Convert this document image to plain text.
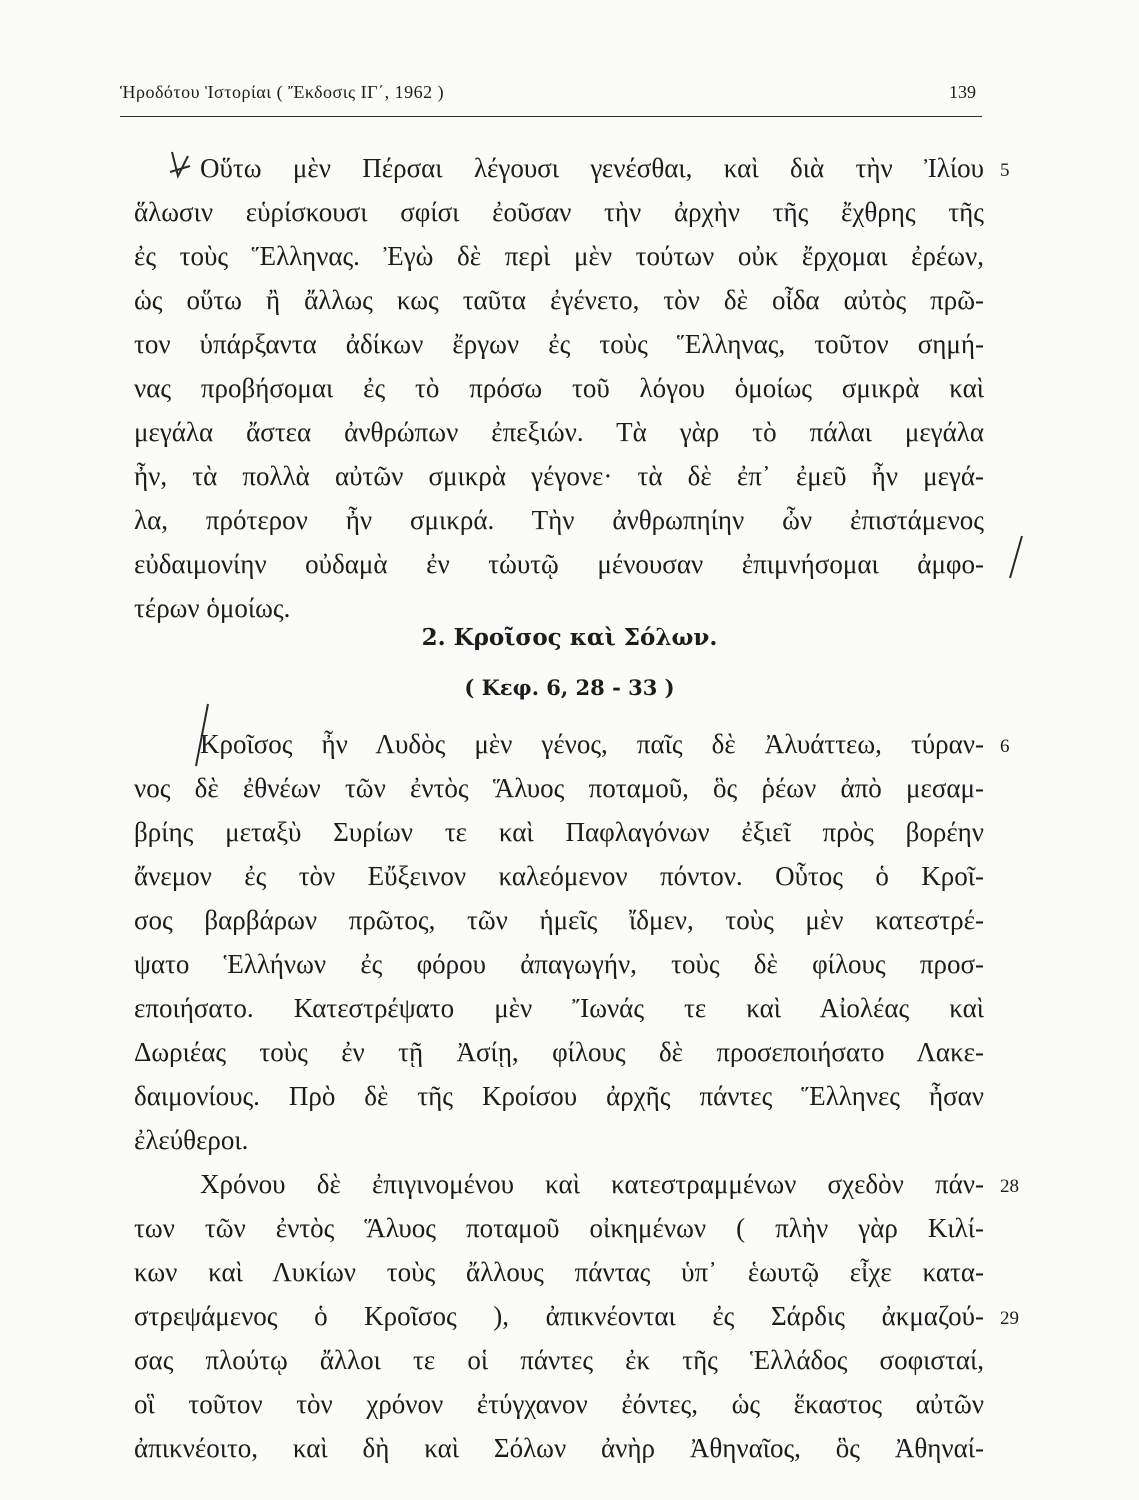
Ἡροδότου Ἱστορίαι ( Ἔκδοσις ΙΓ΄, 1962 )	139
Οὕτω μὲν Πέρσαι λέγουσι γενέσθαι, καὶ διὰ τὴν Ἰλίου
ἅλωσιν εὑρίσκουσι σφίσι ἐοῦσαν τὴν ἀρχὴν τῆς ἔχθρης τῆς
ἐς τοὺς Ἕλληνας. Ἐγὼ δὲ περὶ μὲν τούτων οὐκ ἔρχομαι ἐρέων,
ὡς οὕτω ἢ ἄλλως κως ταῦτα ἐγένετο, τὸν δὲ οἶδα αὐτὸς πρῶ-
τον ὑπάρξαντα ἀδίκων ἔργων ἐς τοὺς Ἕλληνας, τοῦτον σημή-
νας προβήσομαι ἐς τὸ πρόσω τοῦ λόγου ὁμοίως σμικρὰ καὶ
μεγάλα ἄστεα ἀνθρώπων ἐπεξιών. Τὰ γὰρ τὸ πάλαι μεγάλα
ἦν, τὰ πολλὰ αὐτῶν σμικρὰ γέγονε· τὰ δὲ ἐπ᾽ ἐμεῦ ἦν μεγά-
λα, πρότερον ἦν σμικρά. Τὴν ἀνθρωπηίην ὦν ἐπιστάμενος
εὐδαιμονίην οὐδαμὰ ἐν τὠυτῷ μένουσαν ἐπιμνήσομαι ἀμφο-
τέρων ὁμοίως.
2. Κροῖσος καὶ Σόλων.
( Κεφ. 6, 28 - 33 )
Κροῖσος ἦν Λυδὸς μὲν γένος, παῖς δὲ Ἀλυάττεω, τύραν-
νος δὲ ἐθνέων τῶν ἐντὸς Ἅλυος ποταμοῦ, ὃς ῥέων ἀπὸ μεσαμ-
βρίης μεταξὺ Συρίων τε καὶ Παφλαγόνων ἐξιεῖ πρὸς βορέην
ἄνεμον ἐς τὸν Εὔξεινον καλεόμενον πόντον. Οὗτος ὁ Κροῖ-
σος βαρβάρων πρῶτος, τῶν ἡμεῖς ἴδμεν, τοὺς μὲν κατεστρέ-
ψατο Ἑλλήνων ἐς φόρου ἀπαγωγήν, τοὺς δὲ φίλους προσ-
εποιήσατο. Κατεστρέψατο μὲν Ἴωνάς τε καὶ Αἰολέας καὶ
Δωριέας τοὺς ἐν τῇ Ἀσίῃ, φίλους δὲ προσεποιήσατο Λακε-
δαιμονίους. Πρὸ δὲ τῆς Κροίσου ἀρχῆς πάντες Ἕλληνες ἦσαν
ἐλεύθεροι.
Χρόνου δὲ ἐπιγινομένου καὶ κατεστραμμένων σχεδὸν πάν-
των τῶν ἐντὸς Ἅλυος ποταμοῦ οἰκημένων ( πλὴν γὰρ Κιλί-
κων καὶ Λυκίων τοὺς ἄλλους πάντας ὑπ᾽ ἑωυτῷ εἶχε κατα-
στρεψάμενος ὁ Κροῖσος ), ἀπικνέονται ἐς Σάρδις ἀκμαζού-
σας πλούτῳ ἄλλοι τε οἱ πάντες ἐκ τῆς Ἑλλάδος σοφισταί,
οἳ τοῦτον τὸν χρόνον ἐτύγχανον ἐόντες, ὡς ἕκαστος αὐτῶν
ἀπικνέοιτο, καὶ δὴ καὶ Σόλων ἀνὴρ Ἀθηναῖος, ὃς Ἀθηναί-
5
6
28
29
